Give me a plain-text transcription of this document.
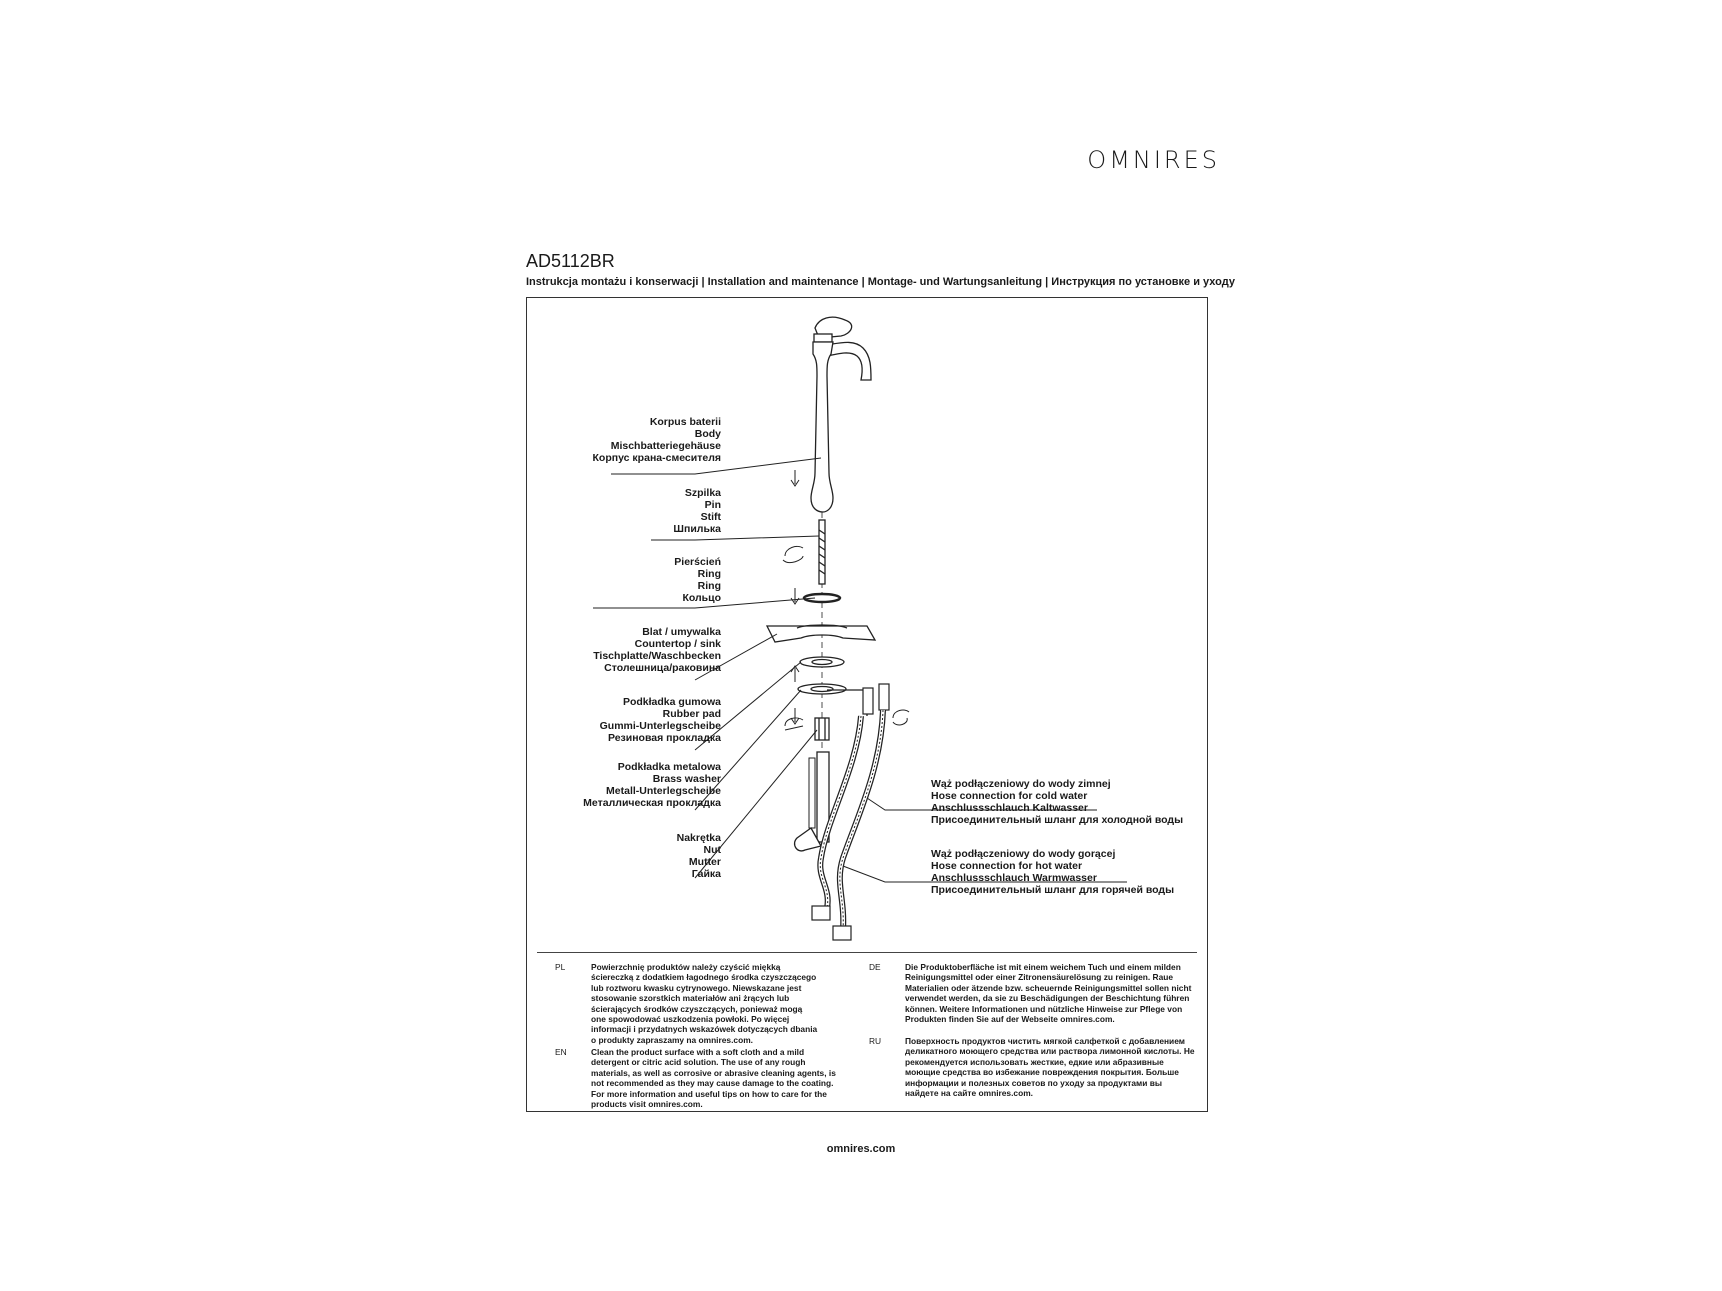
OMNIRES
AD5112BR
Instrukcja montażu i konserwacji | Installation and maintenance | Montage- und Wartungsanleitung | Инструкция по установке и уходу
Korpus baterii
Body
Mischbatteriegehäuse
Корпус крана-смесителя
Szpilka
Pin
Stift
Шпилька
Pierścień
Ring
Ring
Кольцо
Blat / umywalka
Countertop / sink
Tischplatte/Waschbecken
Столешница/раковина
Podkładka gumowa
Rubber pad
Gummi-Unterlegscheibe
Резиновая прокладка
Podkładka metalowa
Brass washer
Metall-Unterlegscheibe
Металлическая прокладка
Nakrętka
Nut
Mutter
Гайка
Wąż podłączeniowy do wody zimnej
Hose connection for cold water
Anschlussschlauch Kaltwasser
Присоединительный шланг для холодной воды
Wąż podłączeniowy do wody gorącej
Hose connection for hot water
Anschlussschlauch Warmwasser
Присоединительный шланг для горячей воды
PL	Powierzchnię produktów należy czyścić miękką ściereczką z dodatkiem łagodnego środka czyszczącego lub roztworu kwasku cytrynowego. Niewskazane jest stosowanie szorstkich materiałów ani żrących lub ścierających środków czyszczących, ponieważ mogą one spowodować uszkodzenia powłoki. Po więcej informacji i przydatnych wskazówek dotyczących dbania o produkty zapraszamy na omnires.com.
EN	Clean the product surface with a soft cloth and a mild detergent or citric acid solution. The use of any rough materials, as well as corrosive or abrasive cleaning agents, is not recommended as they may cause damage to the coating. For more information and useful tips on how to care for the products visit omnires.com.
DE	Die Produktoberfläche ist mit einem weichem Tuch und einem milden Reinigungsmittel oder einer Zitronensäurelösung zu reinigen. Raue Materialien oder ätzende bzw. scheuernde Reinigungsmittel sollen nicht verwendet werden, da sie zu Beschädigungen der Beschichtung führen können. Weitere Informationen und nützliche Hinweise zur Pflege von Produkten finden Sie auf der Webseite omnires.com.
RU	Поверхность продуктов чистить мягкой салфеткой с добавлением деликатного моющего средства или раствора лимонной кислоты. Не рекомендуется использовать жесткие, едкие или абразивные моющие средства во избежание повреждения покрытия. Больше информации и полезных советов по уходу за продуктами вы найдете на сайте omnires.com.
omnires.com
